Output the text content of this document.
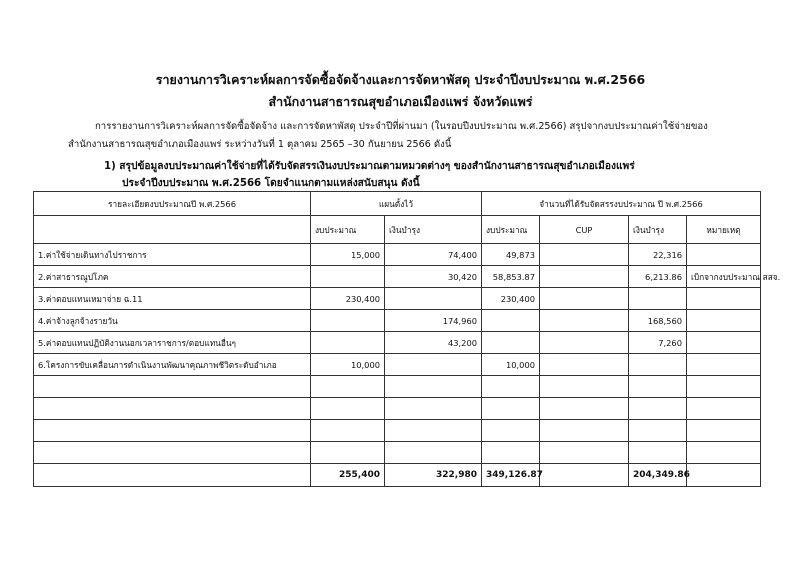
รายงานการวิเคราะห์ผลการจัดซื้อจัดจ้างและการจัดหาพัสดุ ประจำปีงบประมาณ พ.ศ.2566
สำนักงานสาธารณสุขอำเภอเมืองแพร่ จังหวัดแพร่
การรายงานการวิเคราะห์ผลการจัดซื้อจัดจ้าง และการจัดหาพัสดุ ประจำปีที่ผ่านมา (ในรอบปีงบประมาณ พ.ศ.2566) สรุปจากงบประมาณค่าใช้จ่ายของ
สำนักงานสาธารณสุขอำเภอเมืองแพร่ ระหว่างวันที่ 1 ตุลาคม 2565 –30 กันยายน 2566 ดังนี้
1) สรุปข้อมูลงบประมาณค่าใช้จ่ายที่ได้รับจัดสรรเงินงบประมาณตามหมวดต่างๆ ของสำนักงานสาธารณสุขอำเภอเมืองแพร่
ประจำปีงบประมาณ พ.ศ.2566 โดยจำแนกตามแหล่งสนับสนุน ดังนี้
รายละเอียดงบประมาณปี พ.ศ.2566	แผนตั้งไว้		จำนวนที่ได้รับจัดสรรงบประมาณ ปี พ.ศ.2566			
	งบประมาณ	เงินบำรุง	งบประมาณ	CUP	เงินบำรุง	หมายเหตุ
1.ค่าใช้จ่ายเดินทางไปราชการ	15,000	74,400	49,873		22,316	
2.ค่าสาธารณูปโภค		30,420	58,853.87		6,213.86	เบิกจากงบประมาณ สสจ.
3.ค่าตอบแทนเหมาจ่าย ฉ.11	230,400		230,400			
4.ค่าจ้างลูกจ้างรายวัน		174,960			168,560	
5.ค่าตอบแทนปฏิบัติงานนอกเวลาราชการ/ตอบแทนอื่นๆ		43,200			7,260	
6.โครงการขับเคลื่อนการดำเนินงานพัฒนาคุณภาพชีวิตระดับอำเภอ	10,000		10,000			

	255,400	322,980	349,126.87		204,349.86	
